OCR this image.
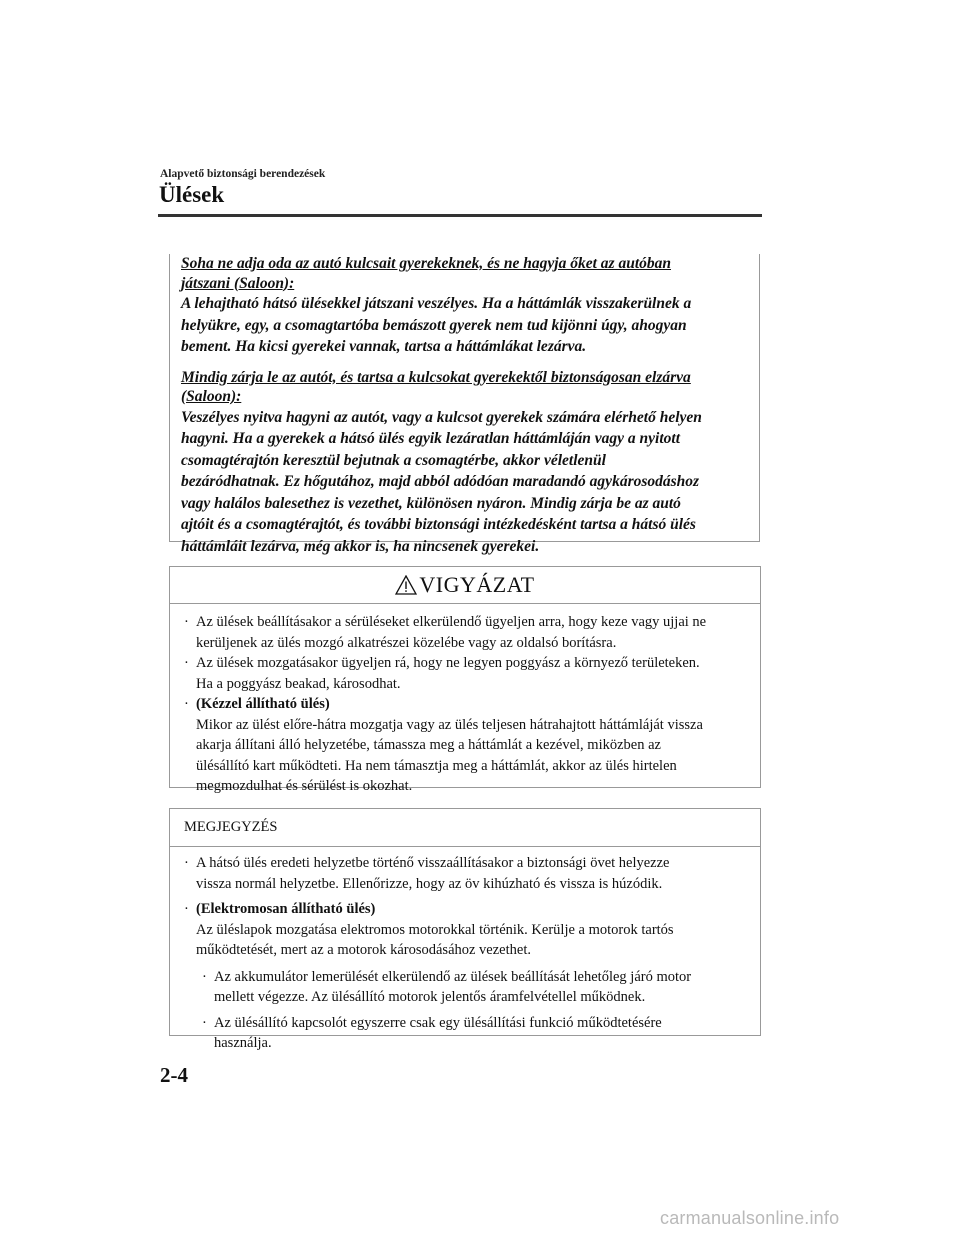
Alapvető biztonsági berendezések
Ülések

Soha ne adja oda az autó kulcsait gyerekeknek, és ne hagyja őket az autóban
játszani (Saloon):

A lehajtható hátsó ülésekkel játszani veszélyes. Ha a háttámlák visszakerülnek a
helyükre, egy, a csomagtartóba bemászott gyerek nem tud kijönni úgy, ahogyan
bement. Ha kicsi gyerekei vannak, tartsa a háttámlákat lezárva.

Mindig zárja le az autót, és tartsa a kulcsokat gyerekektől biztonságosan elzárva
(Saloon):

Veszélyes nyitva hagyni az autót, vagy a kulcsot gyerekek számára elérhető helyen
hagyni. Ha a gyerekek a hátsó ülés egyik lezáratlan háttámláján vagy a nyitott
csomagtérajtón keresztül bejutnak a csomagtérbe, akkor véletlenül
bezáródhatnak. Ez hőgutához, majd abból adódóan maradandó agykárosodáshoz
vagy halálos balesethez is vezethet, különösen nyáron. Mindig zárja be az autó
ajtóit és a csomagtérajtót, és további biztonsági intézkedésként tartsa a hátsó ülés
háttámláit lezárva, még akkor is, ha nincsenek gyerekei.

VIGYÁZAT
· Az ülések beállításakor a sérüléseket elkerülendő ügyeljen arra, hogy keze vagy ujjai ne
kerüljenek az ülés mozgó alkatrészei közelébe vagy az oldalsó borításra.
· Az ülések mozgatásakor ügyeljen rá, hogy ne legyen poggyász a környező területeken.
Ha a poggyász beakad, károsodhat.
· (Kézzel állítható ülés)
Mikor az ülést előre-hátra mozgatja vagy az ülés teljesen hátrahajtott háttámláját vissza
akarja állítani álló helyzetébe, támassza meg a háttámlát a kezével, miközben az
ülésállító kart működteti. Ha nem támasztja meg a háttámlát, akkor az ülés hirtelen
megmozdulhat és sérülést is okozhat.
MEGJEGYZÉS
· A hátsó ülés eredeti helyzetbe történő visszaállításakor a biztonsági övet helyezze
vissza normál helyzetbe. Ellenőrizze, hogy az öv kihúzható és vissza is húzódik.
· (Elektromosan állítható ülés)
Az üléslapok mozgatása elektromos motorokkal történik. Kerülje a motorok tartós
működtetését, mert az a motorok károsodásához vezethet.
· Az akkumulátor lemerülését elkerülendő az ülések beállítását lehetőleg járó motor
mellett végezze. Az ülésállító motorok jelentős áramfelvétellel működnek.
· Az ülésállító kapcsolót egyszerre csak egy ülésállítási funkció működtetésére
használja.
2-4
carmanualsonline.info
